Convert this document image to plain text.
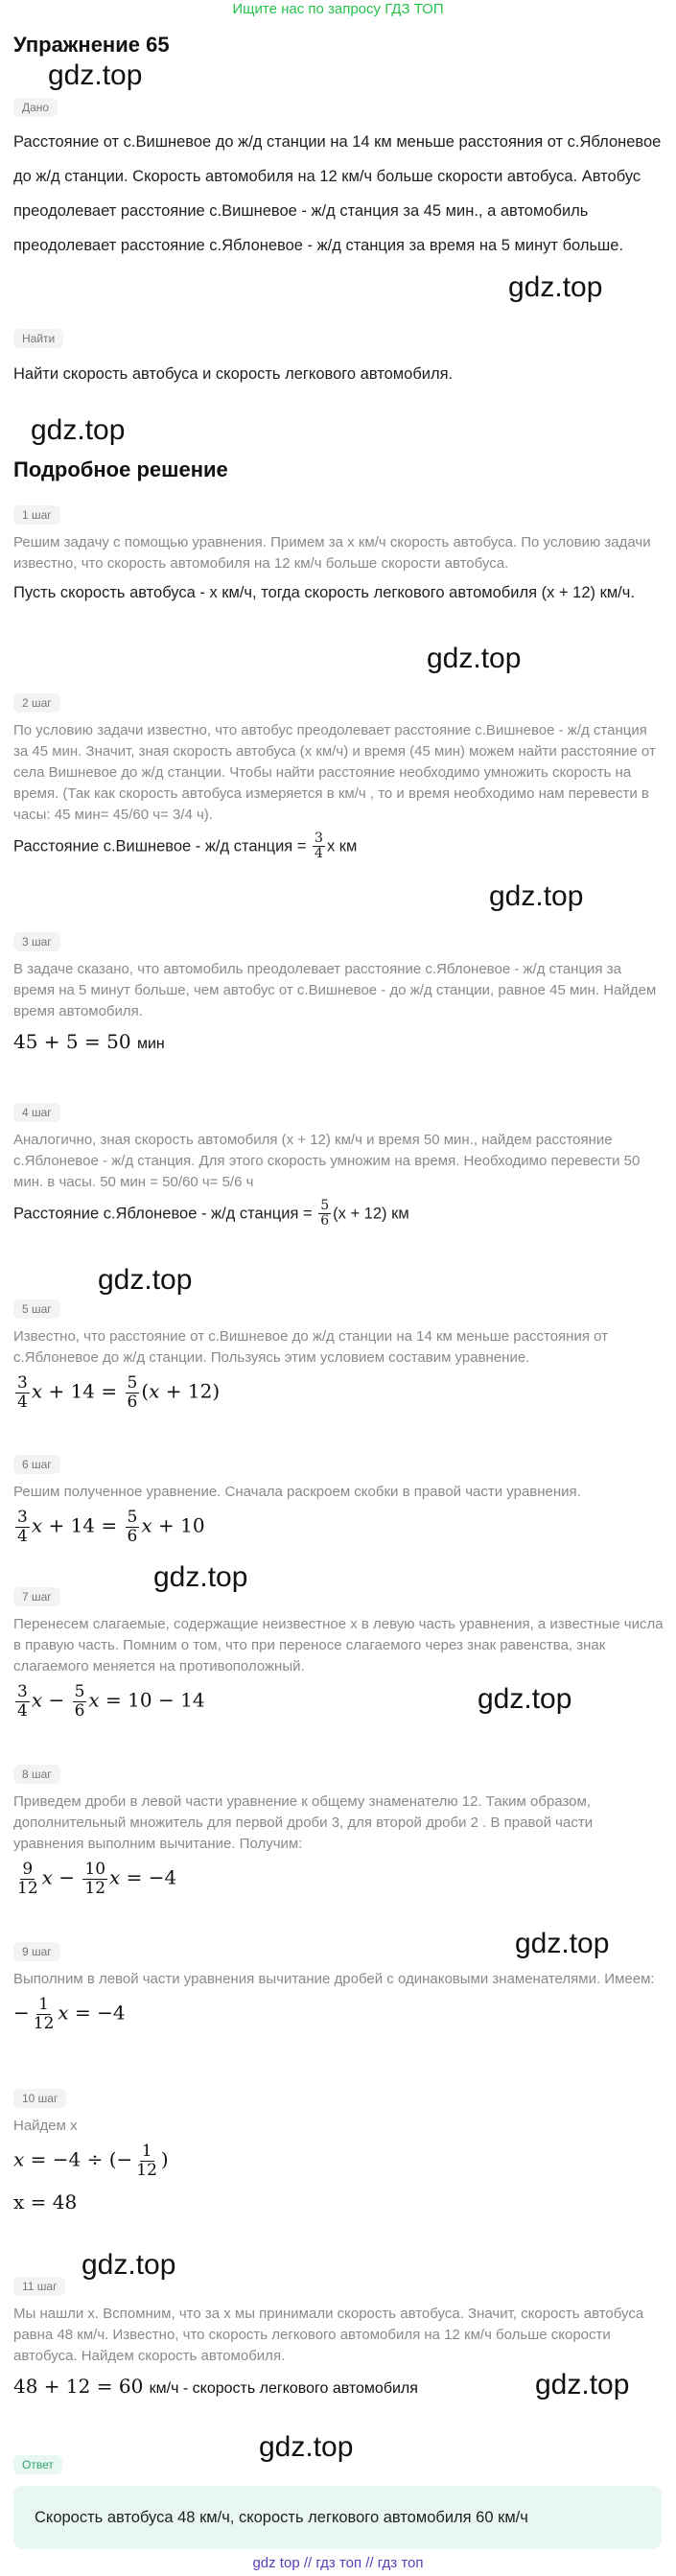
Ищите нас по запросу ГДЗ ТОП
Упражнение 65
gdz.top
gdz.top
gdz.top
gdz.top
gdz.top
gdz.top
gdz.top
gdz.top
gdz.top
gdz.top
gdz.top
gdz.top
Дано
Расстояние от с.Вишневое до ж/д станции на 14 км меньше расстояния от с.Яблоневое до ж/д станции. Скорость автомобиля на 12 км/ч больше скорости автобуса. Автобус преодолевает расстояние с.Вишневое - ж/д станция за 45 мин., а автомобиль преодолевает расстояние с.Яблоневое - ж/д станция за время на 5 минут больше.
Найти
Найти скорость автобуса и скорость легкового автомобиля.
Подробное решение
1 шаг
Решим задачу с помощью уравнения. Примем за x км/ч скорость автобуса. По условию задачи известно, что скорость автомобиля на 12 км/ч больше скорости автобуса.
Пусть скорость автобуса - x км/ч, тогда скорость легкового автомобиля (x + 12) км/ч.
2 шаг
По условию задачи известно, что автобус преодолевает расстояние с.Вишневое - ж/д станция за 45 мин. Значит, зная скорость автобуса (x км/ч) и время (45 мин) можем найти расстояние от села Вишневое до ж/д станции. Чтобы найти расстояние необходимо умножить скорость на время. (Так как скорость автобуса измеряется в км/ч , то и время необходимо нам перевести в часы: 45 мин= 45/60 ч= 3/4 ч).
Расстояние с.Вишневое - ж/д станция = $\frac{3}{4}$ x км
3 шаг
В задаче сказано, что автомобиль преодолевает расстояние с.Яблоневое - ж/д станция за время на 5 минут больше, чем автобус от с.Вишневое - до ж/д станции, равное 45 мин. Найдем время автомобиля.
45 + 5 = 50 мин
4 шаг
Аналогично, зная скорость автомобиля (x + 12) км/ч и время 50 мин., найдем расстояние с.Яблоневое - ж/д станция. Для этого скорость умножим на время. Необходимо перевести 50 мин. в часы. 50 мин = 50/60 ч= 5/6 ч
Расстояние с.Яблоневое - ж/д станция = $\frac{5}{6} (x + 12)$ км
5 шаг
Известно, что расстояние от с.Вишневое до ж/д станции на 14 км меньше расстояния от с.Яблоневое до ж/д станции. Пользуясь этим условием составим уравнение.
$\frac{3}{4}$ $x + 14 = \frac{5}{6} (x + 12)$
6 шаг
Решим полученное уравнение. Сначала раскроем скобки в правой части уравнения.
$\frac{3}{4}$ $x + 14 = \frac{5}{6}$ x + 10
7 шаг
Перенесем слагаемые, содержащие неизвестное x в левую часть уравнения, а известные числа в правую часть. Помним о том, что при переносе слагаемого через знак равенства, знак слагаемого меняется на противоположный.
$\frac{3}{4}$ $x - \frac{5}{6}$ x = 10 − 14
8 шаг
Приведем дроби в левой части уравнение к общему знаменателю 12. Таким образом, дополнительный множитель для первой дроби 3, для второй дроби 2 . В правой части уравнения выполним вычитание. Получим:
$\frac{9}{12}$ $x - \frac{10}{12}$ x = −4
9 шаг
Выполним в левой части уравнения вычитание дробей с одинаковыми знаменателями. Имеем:
− $\frac{1}{12}$ x = −4
10 шаг
Найдем x
x = −4 ÷ (− $\frac{1}{12}$ )
x = 48
11 шаг
Мы нашли x. Вспомним, что за x мы принимали скорость автобуса. Значит, скорость автобуса равна 48 км/ч. Известно, что скорость легкового автомобиля на 12 км/ч больше скорости автобуса. Найдем скорость автомобиля.
48 + 12 = 60 км/ч - скорость легкового автомобиля
Ответ
Скорость автобуса 48 км/ч, скорость легкового автомобиля 60 км/ч
gdz top // гдз топ // гдз топ
